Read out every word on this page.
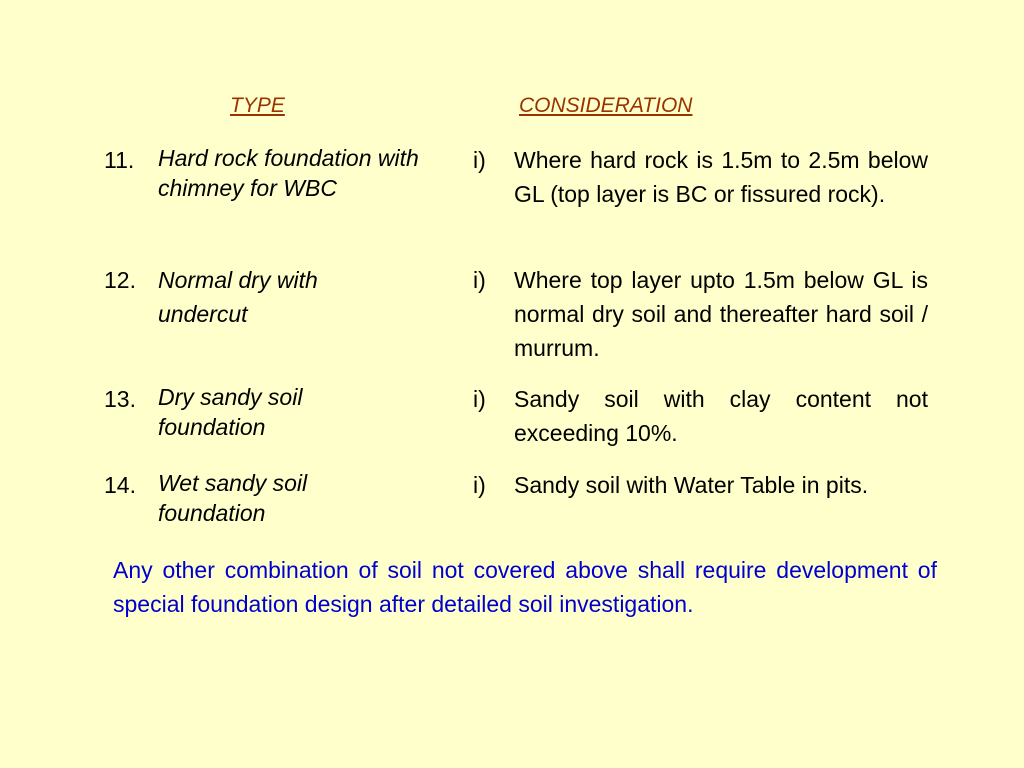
TYPE	CONSIDERATION
11. Hard rock foundation with chimney for WBC
i) Where hard rock is 1.5m to 2.5m below GL (top layer is BC or fissured rock).
12. Normal dry with undercut
i) Where top layer upto 1.5m below GL is normal dry soil and thereafter hard soil / murrum.
13. Dry sandy soil foundation
i) Sandy soil with clay content not exceeding 10%.
14. Wet sandy soil foundation
i) Sandy soil with Water Table in pits.
Any other combination of soil not covered above shall require development of special foundation design after detailed soil investigation.
